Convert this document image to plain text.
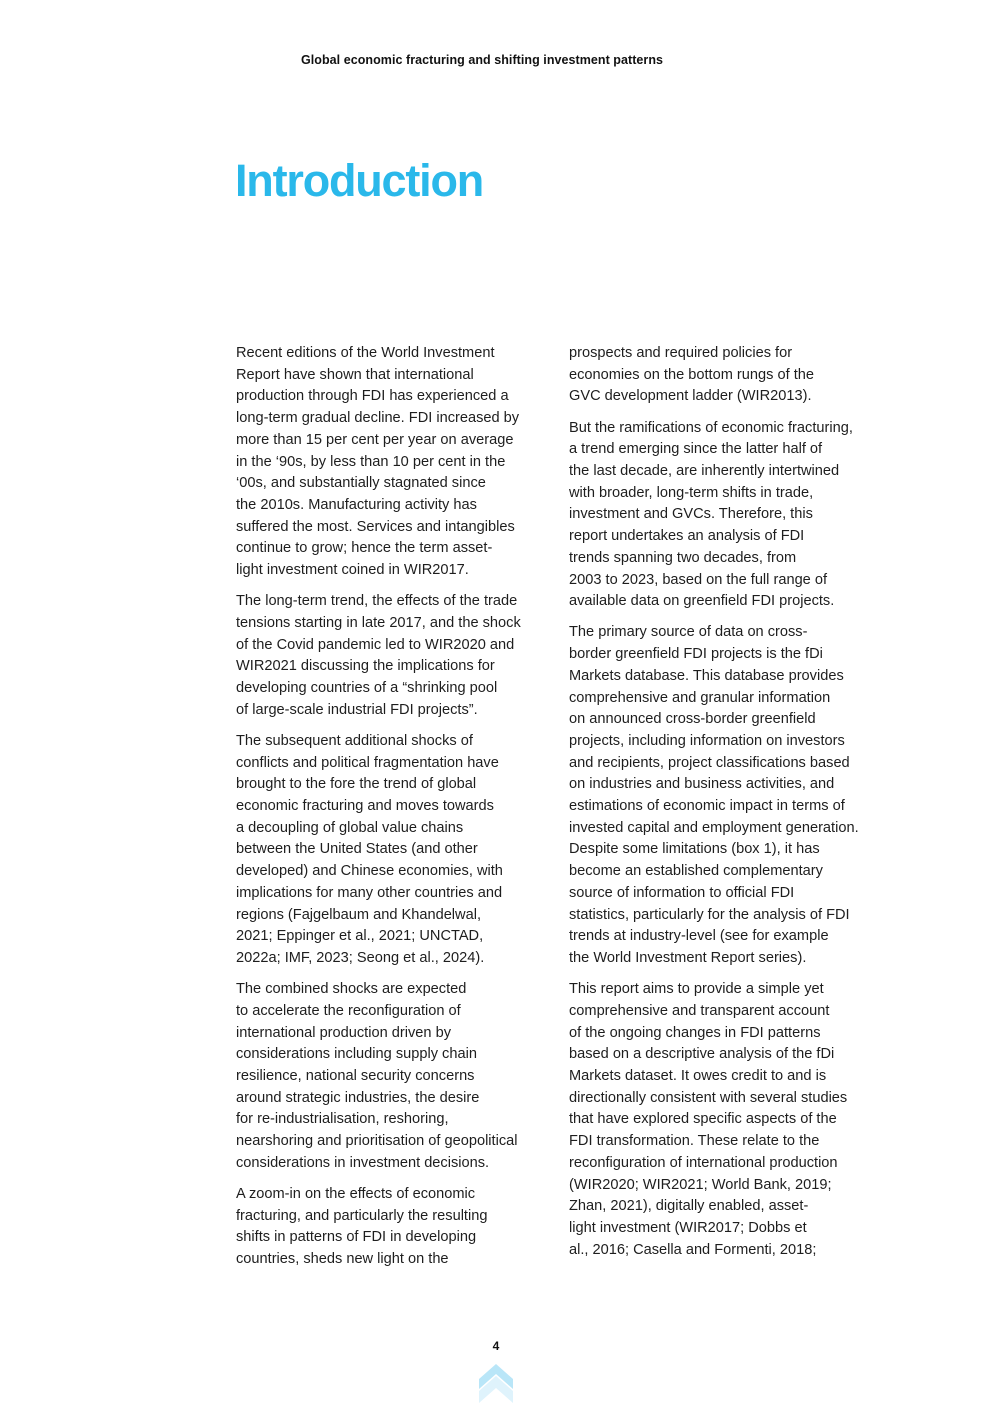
Global economic fracturing and shifting investment patterns
Introduction

Recent editions of the World Investment
Report have shown that international
production through FDI has experienced a
long-term gradual decline. FDI increased by
more than 15 per cent per year on average
in the ‘90s, by less than 10 per cent in the
‘00s, and substantially stagnated since
the 2010s. Manufacturing activity has
suffered the most. Services and intangibles
continue to grow; hence the term asset-
light investment coined in WIR2017.

The long-term trend, the effects of the trade
tensions starting in late 2017, and the shock
of the Covid pandemic led to WIR2020 and
WIR2021 discussing the implications for
developing countries of a “shrinking pool
of large-scale industrial FDI projects”.

The subsequent additional shocks of
conflicts and political fragmentation have
brought to the fore the trend of global
economic fracturing and moves towards
a decoupling of global value chains
between the United States (and other
developed) and Chinese economies, with
implications for many other countries and
regions (Fajgelbaum and Khandelwal,
2021; Eppinger et al., 2021; UNCTAD,
2022a; IMF, 2023; Seong et al., 2024).

The combined shocks are expected
to accelerate the reconfiguration of
international production driven by
considerations including supply chain
resilience, national security concerns
around strategic industries, the desire
for re-industrialisation, reshoring,
nearshoring and prioritisation of geopolitical
considerations in investment decisions.

A zoom-in on the effects of economic
fracturing, and particularly the resulting
shifts in patterns of FDI in developing
countries, sheds new light on the

prospects and required policies for
economies on the bottom rungs of the
GVC development ladder (WIR2013).

But the ramifications of economic fracturing,
a trend emerging since the latter half of
the last decade, are inherently intertwined
with broader, long-term shifts in trade,
investment and GVCs. Therefore, this
report undertakes an analysis of FDI
trends spanning two decades, from
2003 to 2023, based on the full range of
available data on greenfield FDI projects.

The primary source of data on cross-
border greenfield FDI projects is the fDi
Markets database. This database provides
comprehensive and granular information
on announced cross-border greenfield
projects, including information on investors
and recipients, project classifications based
on industries and business activities, and
estimations of economic impact in terms of
invested capital and employment generation.
Despite some limitations (box 1), it has
become an established complementary
source of information to official FDI
statistics, particularly for the analysis of FDI
trends at industry-level (see for example
the World Investment Report series).

This report aims to provide a simple yet
comprehensive and transparent account
of the ongoing changes in FDI patterns
based on a descriptive analysis of the fDi
Markets dataset. It owes credit to and is
directionally consistent with several studies
that have explored specific aspects of the
FDI transformation. These relate to the
reconfiguration of international production
(WIR2020; WIR2021; World Bank, 2019;
Zhan, 2021), digitally enabled, asset-
light investment (WIR2017; Dobbs et
al., 2016; Casella and Formenti, 2018;

4
